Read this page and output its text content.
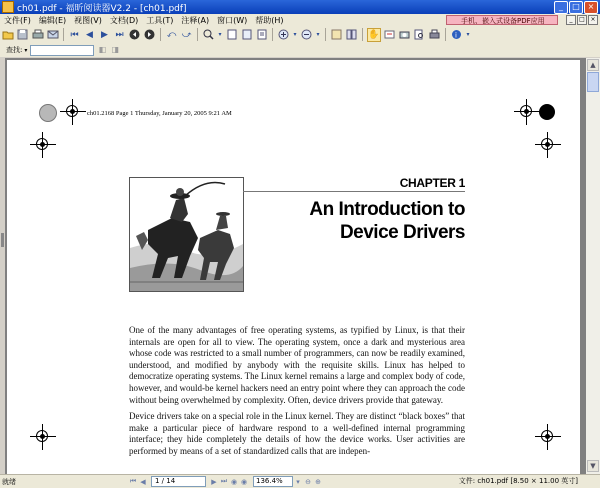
ch01.pdf - 福昕阅读器V2.2 - [ch01.pdf]	_	□ ×
文件(F)	编辑(E)	视图(V)	文档(D)	工具(T)	注释(A)	窗口(W)	帮助(H)	_	□ ×
手机、嵌入式设备PDF应用
⏮ ◀ ▶ ⏭	⤺ ⤻	▾	▾	▾	✋	i ▾
查找: ▾	◧ ◨
ch01.2168 Page 1 Thursday, January 20, 2005 9:21 AM
CHAPTER 1
An Introduction to
Device Drivers

One of the many advantages of free operating systems, as typified by Linux, is that their internals are open for all to view. The operating system, once a dark and mysterious area whose code was restricted to a small number of programmers, can now be readily examined, understood, and modified by anybody with the requisite skills. Linux has helped to democratize operating systems. The Linux kernel remains a large and complex body of code, however, and would-be kernel hackers need an entry point where they can approach the code without being overwhelmed by complexity. Often, device drivers provide that gateway.

Device drivers take on a special role in the Linux kernel. They are distinct “black boxes” that make a particular piece of hardware respond to a well-defined internal programming interface; they hide completely the details of how the device works. User activities are performed by means of a set of standardized calls that are indepen-

▲
▼
就绪	⏮ ◀	1 / 14	▶ ⏭ ◉ ◉	136.4%	▾ ⊖ ⊕	文件: ch01.pdf [8.50 × 11.00 英寸]
